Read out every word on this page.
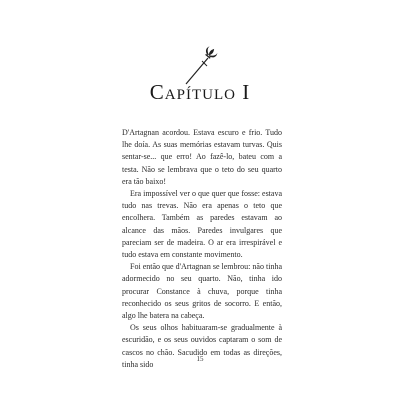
Capítulo I

D'Artagnan acordou. Estava escuro e frio. Tudo lhe doía. As suas memórias estavam turvas. Quis sentar-se... que erro! Ao fazê-lo, bateu com a testa. Não se lembrava que o teto do seu quarto era tão baixo!

Era impossível ver o que quer que fosse: estava tudo nas trevas. Não era apenas o teto que encolhera. Também as paredes estavam ao alcance das mãos. Paredes invulgares que pareciam ser de madeira. O ar era irrespirável e tudo estava em constante movimento.

Foi então que d'Artagnan se lembrou: não tinha adormecido no seu quarto. Não, tinha ido procurar Constance à chuva, porque tinha reconhecido os seus gritos de socorro. E então, algo lhe batera na cabeça.

Os seus olhos habituaram-se gradualmente à escuridão, e os seus ouvidos captaram o som de cascos no chão. Sacudido em todas as direções, tinha sido

15
